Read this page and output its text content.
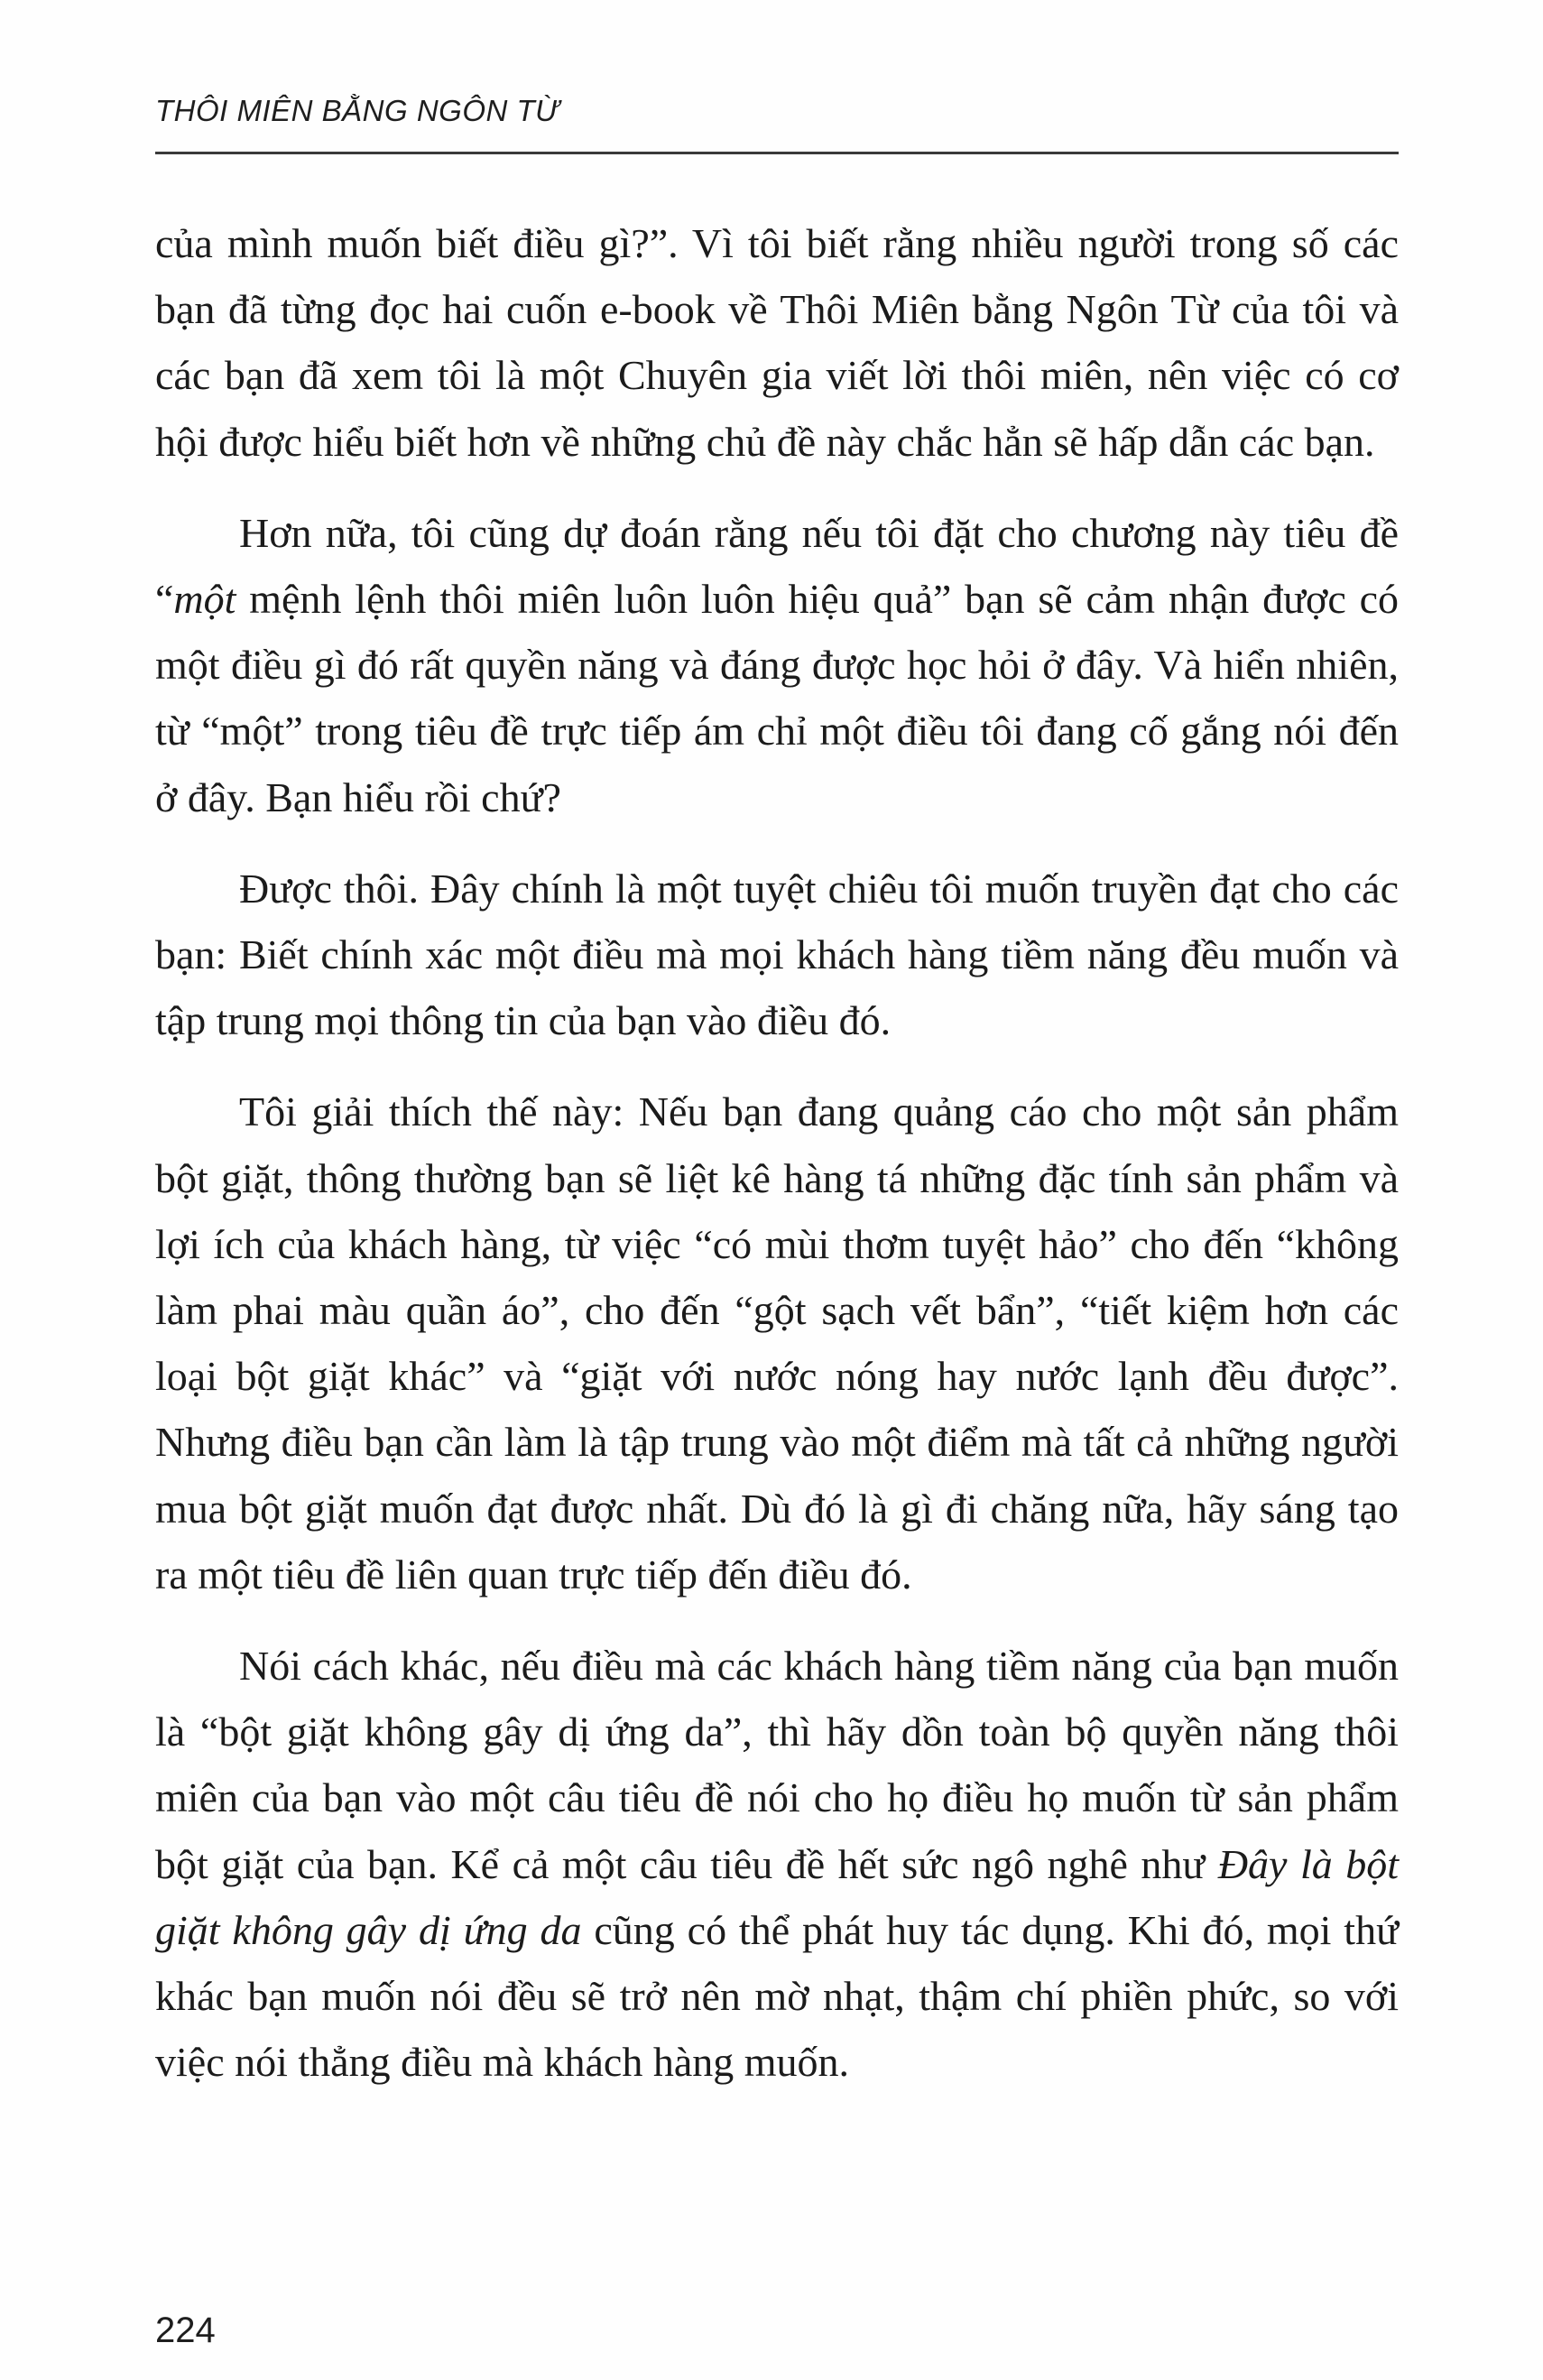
THÔI MIÊN BẰNG NGÔN TỪ

của mình muốn biết điều gì?”. Vì tôi biết rằng nhiều người trong số các bạn đã từng đọc hai cuốn e-book về Thôi Miên bằng Ngôn Từ của tôi và các bạn đã xem tôi là một Chuyên gia viết lời thôi miên, nên việc có cơ hội được hiểu biết hơn về những chủ đề này chắc hẳn sẽ hấp dẫn các bạn.

Hơn nữa, tôi cũng dự đoán rằng nếu tôi đặt cho chương này tiêu đề “một mệnh lệnh thôi miên luôn luôn hiệu quả” bạn sẽ cảm nhận được có một điều gì đó rất quyền năng và đáng được học hỏi ở đây. Và hiển nhiên, từ “một” trong tiêu đề trực tiếp ám chỉ một điều tôi đang cố gắng nói đến ở đây. Bạn hiểu rồi chứ?

Được thôi. Đây chính là một tuyệt chiêu tôi muốn truyền đạt cho các bạn: Biết chính xác một điều mà mọi khách hàng tiềm năng đều muốn và tập trung mọi thông tin của bạn vào điều đó.

Tôi giải thích thế này: Nếu bạn đang quảng cáo cho một sản phẩm bột giặt, thông thường bạn sẽ liệt kê hàng tá những đặc tính sản phẩm và lợi ích của khách hàng, từ việc “có mùi thơm tuyệt hảo” cho đến “không làm phai màu quần áo”, cho đến “gột sạch vết bẩn”, “tiết kiệm hơn các loại bột giặt khác” và “giặt với nước nóng hay nước lạnh đều được”. Nhưng điều bạn cần làm là tập trung vào một điểm mà tất cả những người mua bột giặt muốn đạt được nhất. Dù đó là gì đi chăng nữa, hãy sáng tạo ra một tiêu đề liên quan trực tiếp đến điều đó.

Nói cách khác, nếu điều mà các khách hàng tiềm năng của bạn muốn là “bột giặt không gây dị ứng da”, thì hãy dồn toàn bộ quyền năng thôi miên của bạn vào một câu tiêu đề nói cho họ điều họ muốn từ sản phẩm bột giặt của bạn. Kể cả một câu tiêu đề hết sức ngô nghê như Đây là bột giặt không gây dị ứng da cũng có thể phát huy tác dụng. Khi đó, mọi thứ khác bạn muốn nói đều sẽ trở nên mờ nhạt, thậm chí phiền phức, so với việc nói thẳng điều mà khách hàng muốn.

224
